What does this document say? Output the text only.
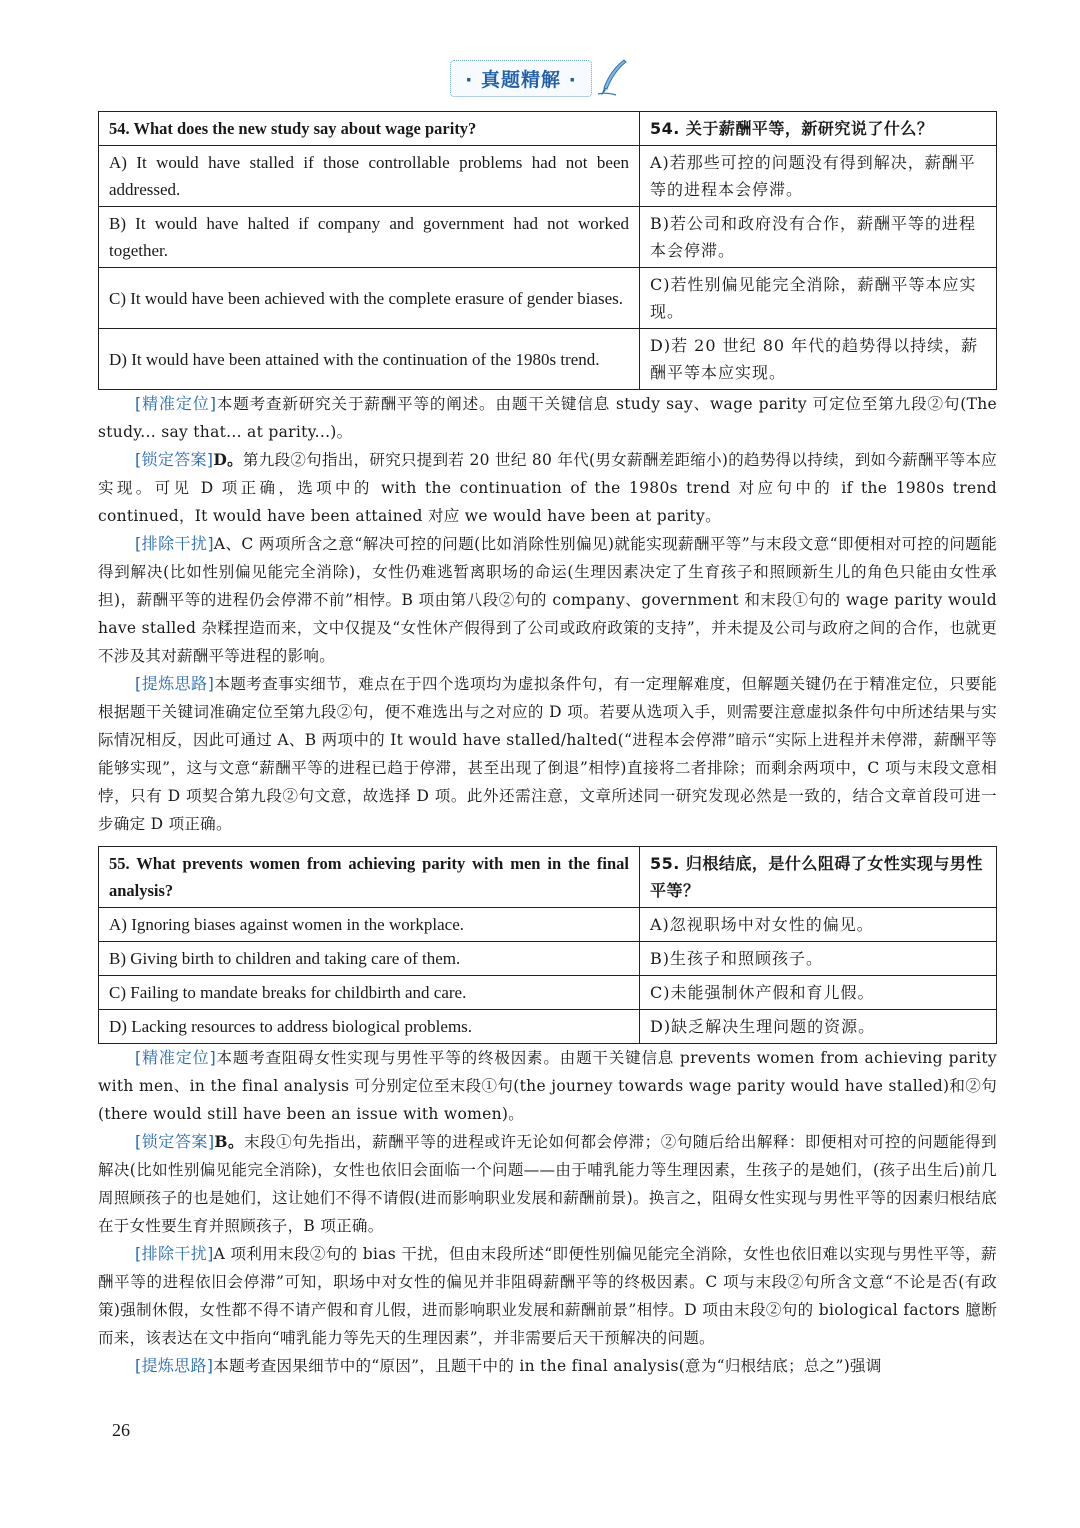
· 真题精解 ·
54. What does the new study say about wage parity?	54. 关于薪酬平等，新研究说了什么？
A) It would have stalled if those controllable problems had not been addressed.	A)若那些可控的问题没有得到解决，薪酬平等的进程本会停滞。
B) It would have halted if company and government had not worked together.	B)若公司和政府没有合作，薪酬平等的进程本会停滞。
C) It would have been achieved with the complete erasure of gender biases.	C)若性别偏见能完全消除，薪酬平等本应实现。
D) It would have been attained with the continuation of the 1980s trend.	D)若 20 世纪 80 年代的趋势得以持续，薪酬平等本应实现。

[精准定位]本题考查新研究关于薪酬平等的阐述。由题干关键信息 study say、wage parity 可定位至第九段②句(The study... say that... at parity...)。

[锁定答案]D。第九段②句指出，研究只提到若 20 世纪 80 年代(男女薪酬差距缩小)的趋势得以持续，到如今薪酬平等本应实现。可见 D 项正确，选项中的 with the continuation of the 1980s trend 对应句中的 if the 1980s trend continued，It would have been attained 对应 we would have been at parity。

[排除干扰]A、C 两项所含之意“解决可控的问题(比如消除性别偏见)就能实现薪酬平等”与末段文意“即便相对可控的问题能得到解决(比如性别偏见能完全消除)，女性仍难逃暂离职场的命运(生理因素决定了生育孩子和照顾新生儿的角色只能由女性承担)，薪酬平等的进程仍会停滞不前”相悖。B 项由第八段②句的 company、government 和末段①句的 wage parity would have stalled 杂糅捏造而来，文中仅提及“女性休产假得到了公司或政府政策的支持”，并未提及公司与政府之间的合作，也就更不涉及其对薪酬平等进程的影响。

[提炼思路]本题考查事实细节，难点在于四个选项均为虚拟条件句，有一定理解难度，但解题关键仍在于精准定位，只要能根据题干关键词准确定位至第九段②句，便不难选出与之对应的 D 项。若要从选项入手，则需要注意虚拟条件句中所述结果与实际情况相反，因此可通过 A、B 两项中的 It would have stalled/halted(“进程本会停滞”暗示“实际上进程并未停滞，薪酬平等能够实现”，这与文意“薪酬平等的进程已趋于停滞，甚至出现了倒退”相悖)直接将二者排除；而剩余两项中，C 项与末段文意相悖，只有 D 项契合第九段②句文意，故选择 D 项。此外还需注意，文章所述同一研究发现必然是一致的，结合文章首段可进一步确定 D 项正确。

55. What prevents women from achieving parity with men in the final analysis?	55. 归根结底，是什么阻碍了女性实现与男性平等？
A) Ignoring biases against women in the workplace.	A)忽视职场中对女性的偏见。
B) Giving birth to children and taking care of them.	B)生孩子和照顾孩子。
C) Failing to mandate breaks for childbirth and care.	C)未能强制休产假和育儿假。
D) Lacking resources to address biological problems.	D)缺乏解决生理问题的资源。

[精准定位]本题考查阻碍女性实现与男性平等的终极因素。由题干关键信息 prevents women from achieving parity with men、in the final analysis 可分别定位至末段①句(the journey towards wage parity would have stalled)和②句(there would still have been an issue with women)。

[锁定答案]B。末段①句先指出，薪酬平等的进程或许无论如何都会停滞；②句随后给出解释：即便相对可控的问题能得到解决(比如性别偏见能完全消除)，女性也依旧会面临一个问题——由于哺乳能力等生理因素，生孩子的是她们，(孩子出生后)前几周照顾孩子的也是她们，这让她们不得不请假(进而影响职业发展和薪酬前景)。换言之，阻碍女性实现与男性平等的因素归根结底在于女性要生育并照顾孩子，B 项正确。

[排除干扰]A 项利用末段②句的 bias 干扰，但由末段所述“即便性别偏见能完全消除，女性也依旧难以实现与男性平等，薪酬平等的进程依旧会停滞”可知，职场中对女性的偏见并非阻碍薪酬平等的终极因素。C 项与末段②句所含文意“不论是否(有政策)强制休假，女性都不得不请产假和育儿假，进而影响职业发展和薪酬前景”相悖。D 项由末段②句的 biological factors 臆断而来，该表达在文中指向“哺乳能力等先天的生理因素”，并非需要后天干预解决的问题。

[提炼思路]本题考查因果细节中的“原因”，且题干中的 in the final analysis(意为“归根结底；总之”)强调

26
